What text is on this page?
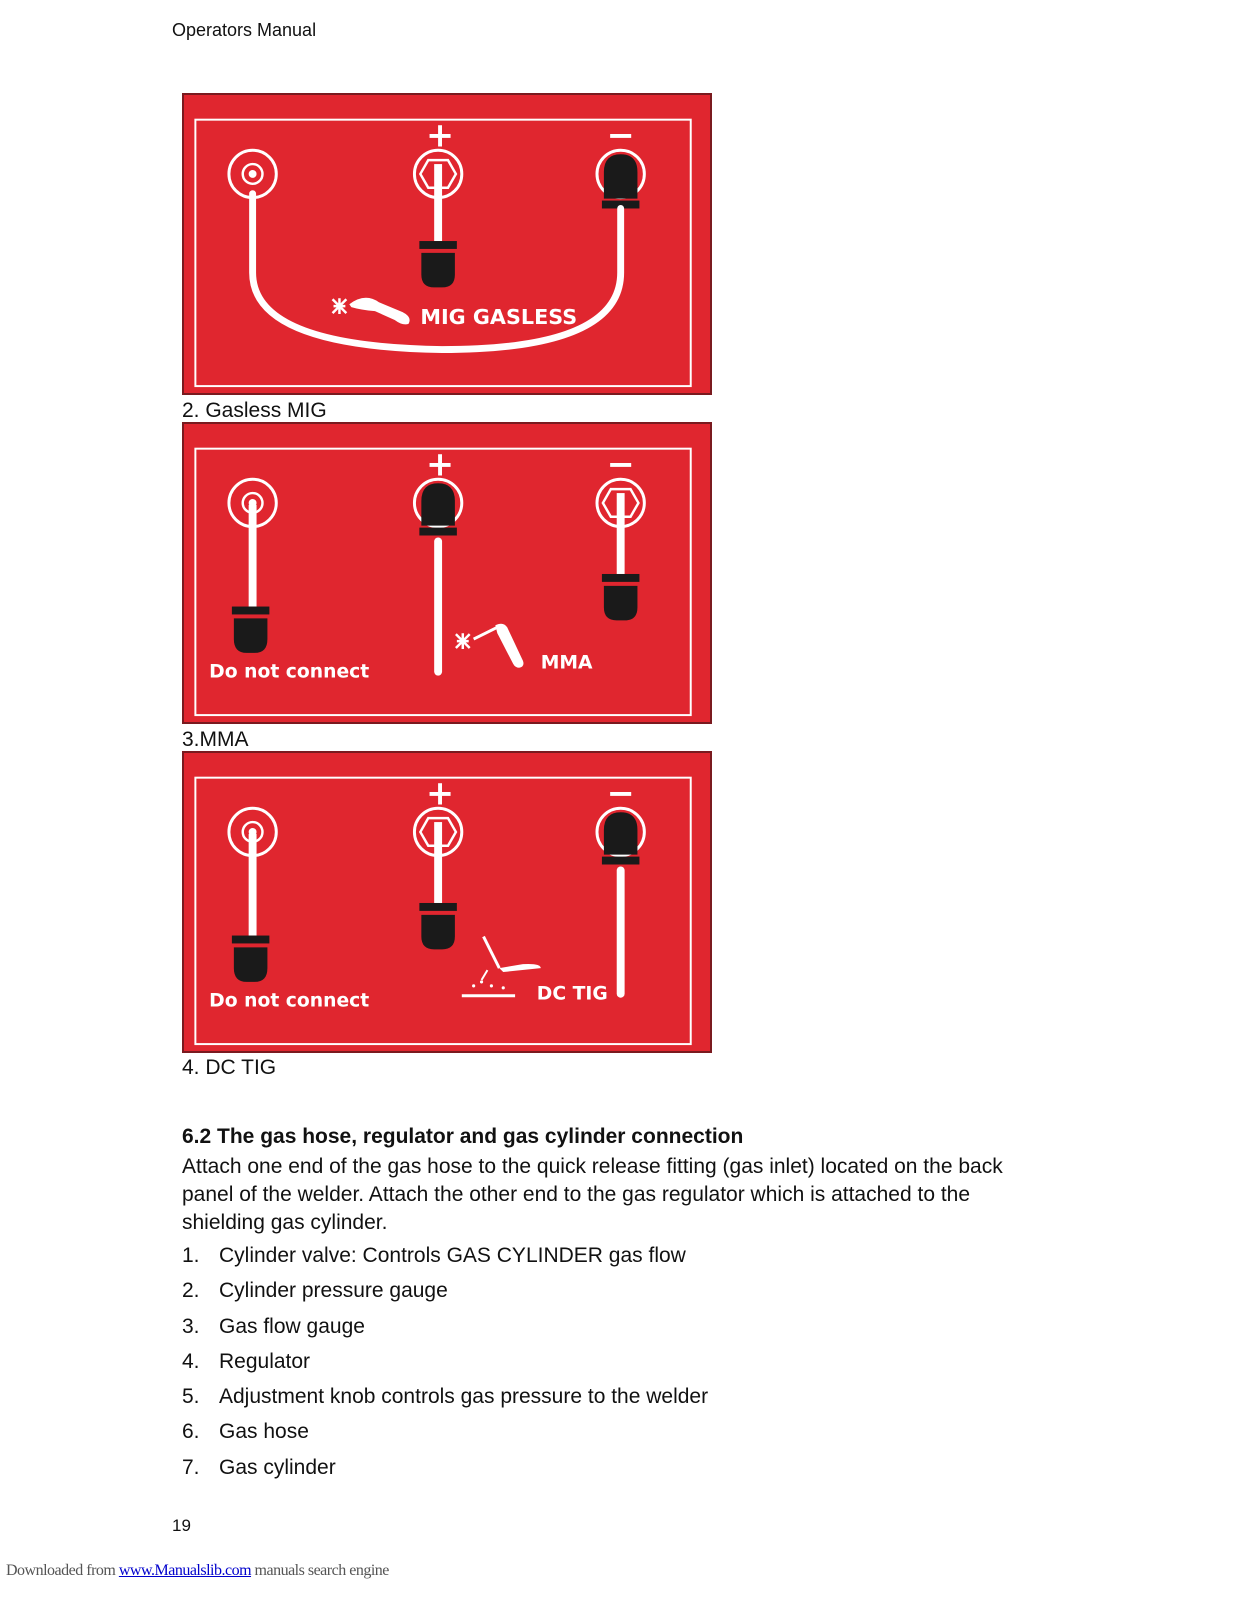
Operators Manual
+	−
MIG GASLESS
2. Gasless MIG
+	−
Do not connect	MMA
3.MMA
+	−
Do not connect	DC TIG
4. DC TIG
6.2 The gas hose, regulator and gas cylinder connection
Attach one end of the gas hose to the quick release fitting (gas inlet) located on the back panel of the welder. Attach the other end to the gas regulator which is attached to the shielding gas cylinder.
1. Cylinder valve: Controls GAS CYLINDER gas flow
2. Cylinder pressure gauge
3. Gas flow gauge
4. Regulator
5. Adjustment knob controls gas pressure to the welder
6. Gas hose
7. Gas cylinder
19
Downloaded from www.Manualslib.com manuals search engine
